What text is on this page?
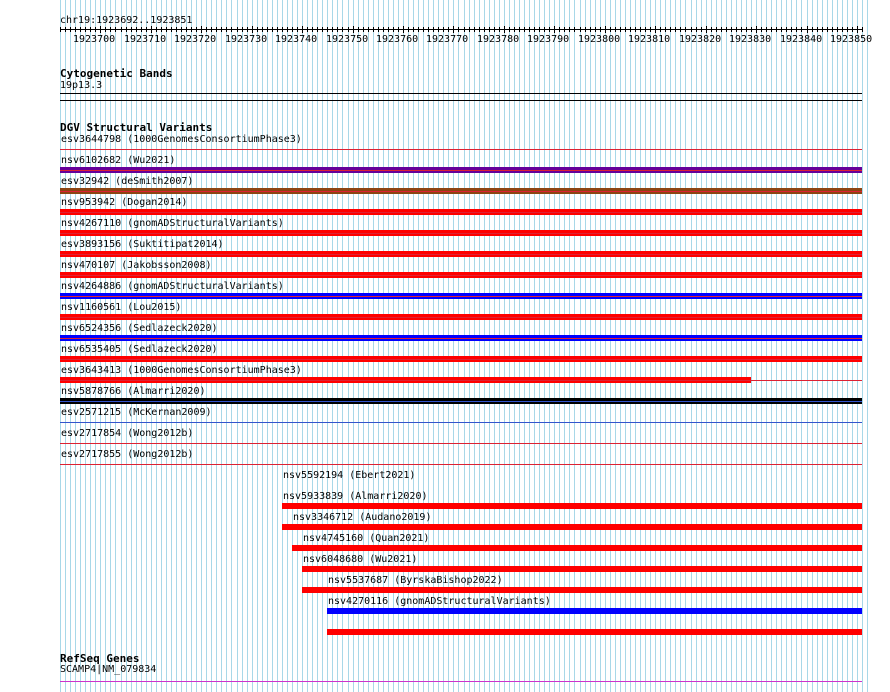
chr19:1923692..1923851
1923700 1923710 1923720 1923730 1923740 1923750 1923760 1923770 1923780 1923790 1923800 1923810 1923820 1923830 1923840 1923850
Cytogenetic Bands
19p13.3
DGV Structural Variants
esv3644798 (1000GenomesConsortiumPhase3)
nsv6102682 (Wu2021)
esv32942 (deSmith2007)
nsv953942 (Dogan2014)
nsv4267110 (gnomADStructuralVariants)
esv3893156 (Suktitipat2014)
nsv470107 (Jakobsson2008)
nsv4264886 (gnomADStructuralVariants)
nsv1160561 (Lou2015)
nsv6524356 (Sedlazeck2020)
nsv6535405 (Sedlazeck2020)
esv3643413 (1000GenomesConsortiumPhase3)
nsv5878766 (Almarri2020)
esv2571215 (McKernan2009)
esv2717854 (Wong2012b)
esv2717855 (Wong2012b)
nsv5592194 (Ebert2021)
nsv5933839 (Almarri2020)
nsv3346712 (Audano2019)
nsv4745160 (Quan2021)
nsv6048680 (Wu2021)
nsv5537687 (ByrskaBishop2022)
nsv4270116 (gnomADStructuralVariants)
RefSeq Genes
SCAMP4|NM_079834
